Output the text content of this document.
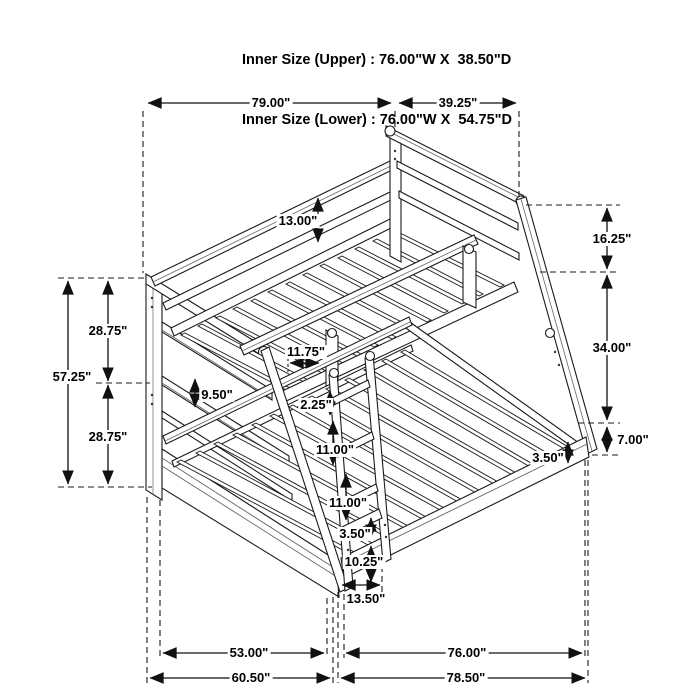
Inner Size (Upper) : 76.00"W X  38.50"D

Inner Size (Lower) : 76.00"W X  54.75"D

79.00"	39.25"
13.00"
11.75"
9.50"
57.25"
28.75"
28.75"
2.25"
11.00"
11.00"
3.50"
10.25"
13.50"
3.50"
16.25"
34.00"
7.00"
53.00"	76.00"
60.50"	78.50"
